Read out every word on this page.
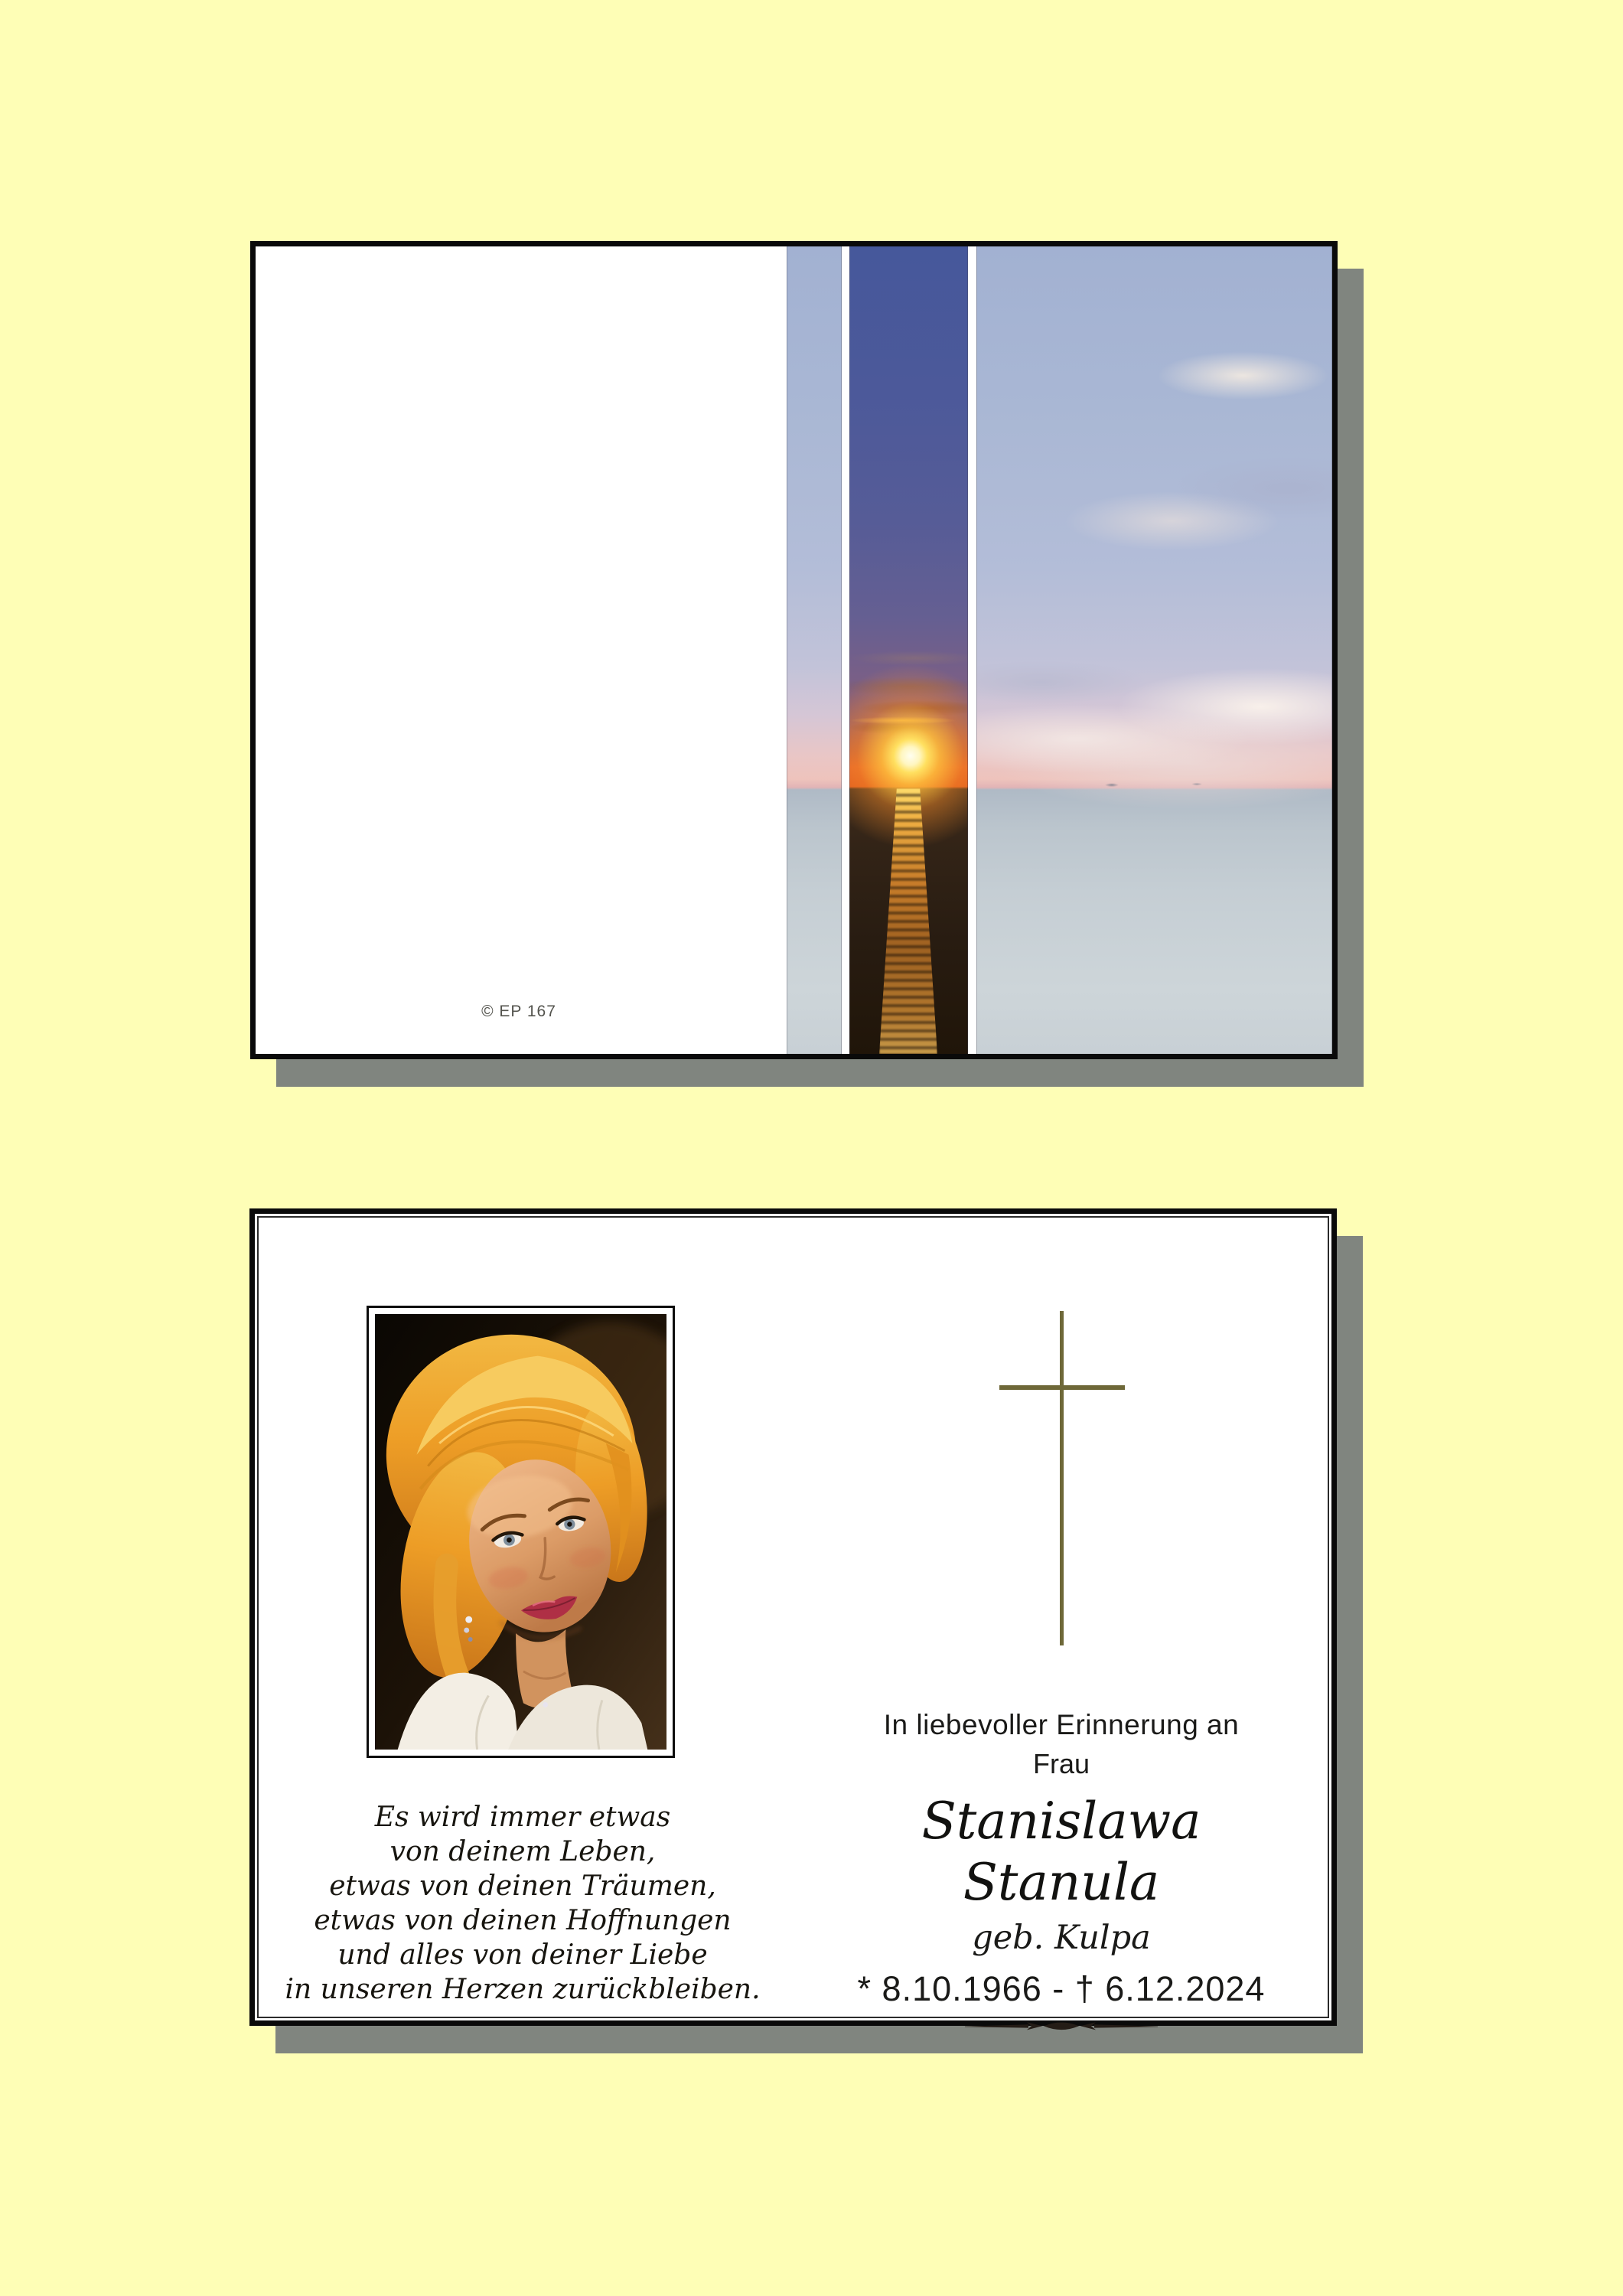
© EP 167
Es wird immer etwas
von deinem Leben,
etwas von deinen Träumen,
etwas von deinen Hoffnungen
und alles von deiner Liebe
in unseren Herzen zurückbleiben.
In liebevoller Erinnerung an
Frau
Stanislawa Stanula
geb. Kulpa
* 8.10.1966 - † 6.12.2024
